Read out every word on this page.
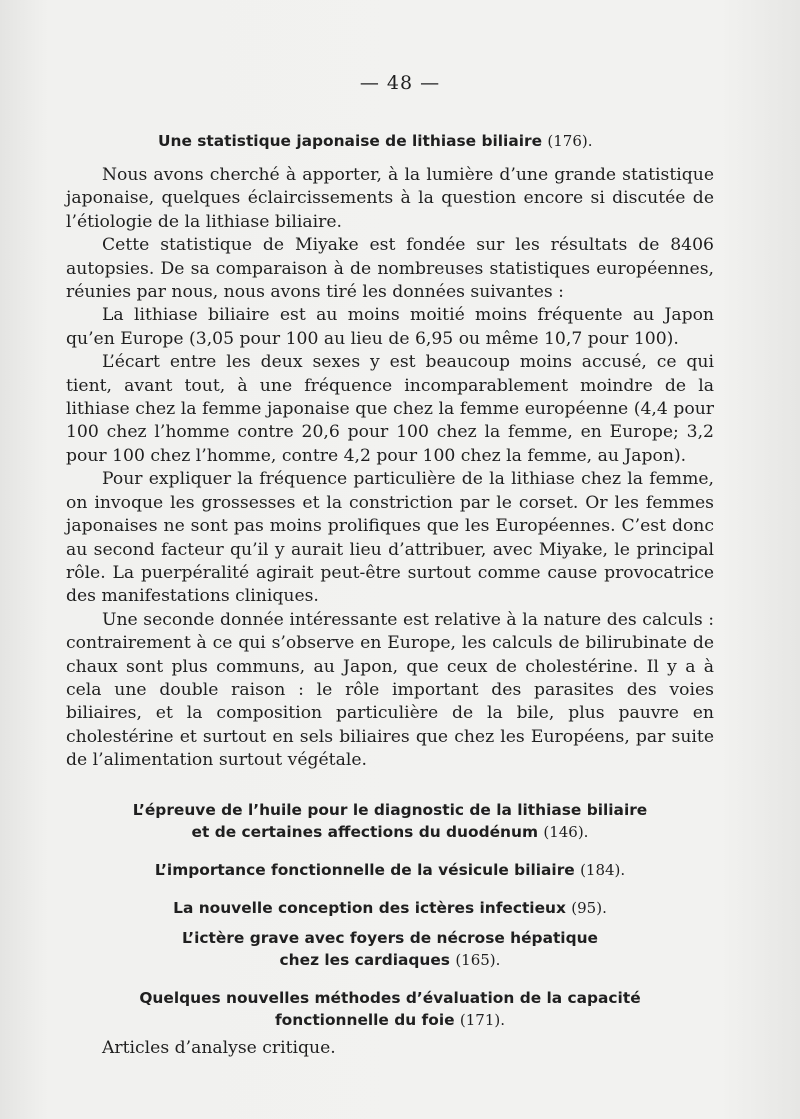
— 48 —
Une statistique japonaise de lithiase biliaire (176).

Nous avons cherché à apporter, à la lumière d’une grande statistique japonaise, quelques éclaircissements à la question encore si discutée de l’étiologie de la lithiase biliaire.

Cette statistique de Miyake est fondée sur les résultats de 8406 autopsies. De sa comparaison à de nombreuses statistiques européennes, réunies par nous, nous avons tiré les données suivantes :

La lithiase biliaire est au moins moitié moins fréquente au Japon qu’en Europe (3,05 pour 100 au lieu de 6,95 ou même 10,7 pour 100).

L’écart entre les deux sexes y est beaucoup moins accusé, ce qui tient, avant tout, à une fréquence incomparablement moindre de la lithiase chez la femme japonaise que chez la femme européenne (4,4 pour 100 chez l’homme contre 20,6 pour 100 chez la femme, en Europe; 3,2 pour 100 chez l’homme, contre 4,2 pour 100 chez la femme, au Japon).

Pour expliquer la fréquence particulière de la lithiase chez la femme, on invoque les grossesses et la constriction par le corset. Or les femmes japonaises ne sont pas moins prolifiques que les Européennes. C’est donc au second facteur qu’il y aurait lieu d’attribuer, avec Miyake, le principal rôle. La puerpéralité agirait peut-être surtout comme cause provocatrice des manifestations cliniques.

Une seconde donnée intéressante est relative à la nature des calculs : contrairement à ce qui s’observe en Europe, les calculs de bilirubinate de chaux sont plus communs, au Japon, que ceux de cholestérine. Il y a à cela une double raison : le rôle important des parasites des voies biliaires, et la composition particulière de la bile, plus pauvre en cholestérine et surtout en sels biliaires que chez les Européens, par suite de l’alimentation surtout végétale.

L’épreuve de l’huile pour le diagnostic de la lithiase biliaire
et de certaines affections du duodénum (146).
L’importance fonctionnelle de la vésicule biliaire (184).
La nouvelle conception des ictères infectieux (95).
L’ictère grave avec foyers de nécrose hépatique
chez les cardiaques (165).
Quelques nouvelles méthodes d’évaluation de la capacité
fonctionnelle du foie (171).

Articles d’analyse critique.
